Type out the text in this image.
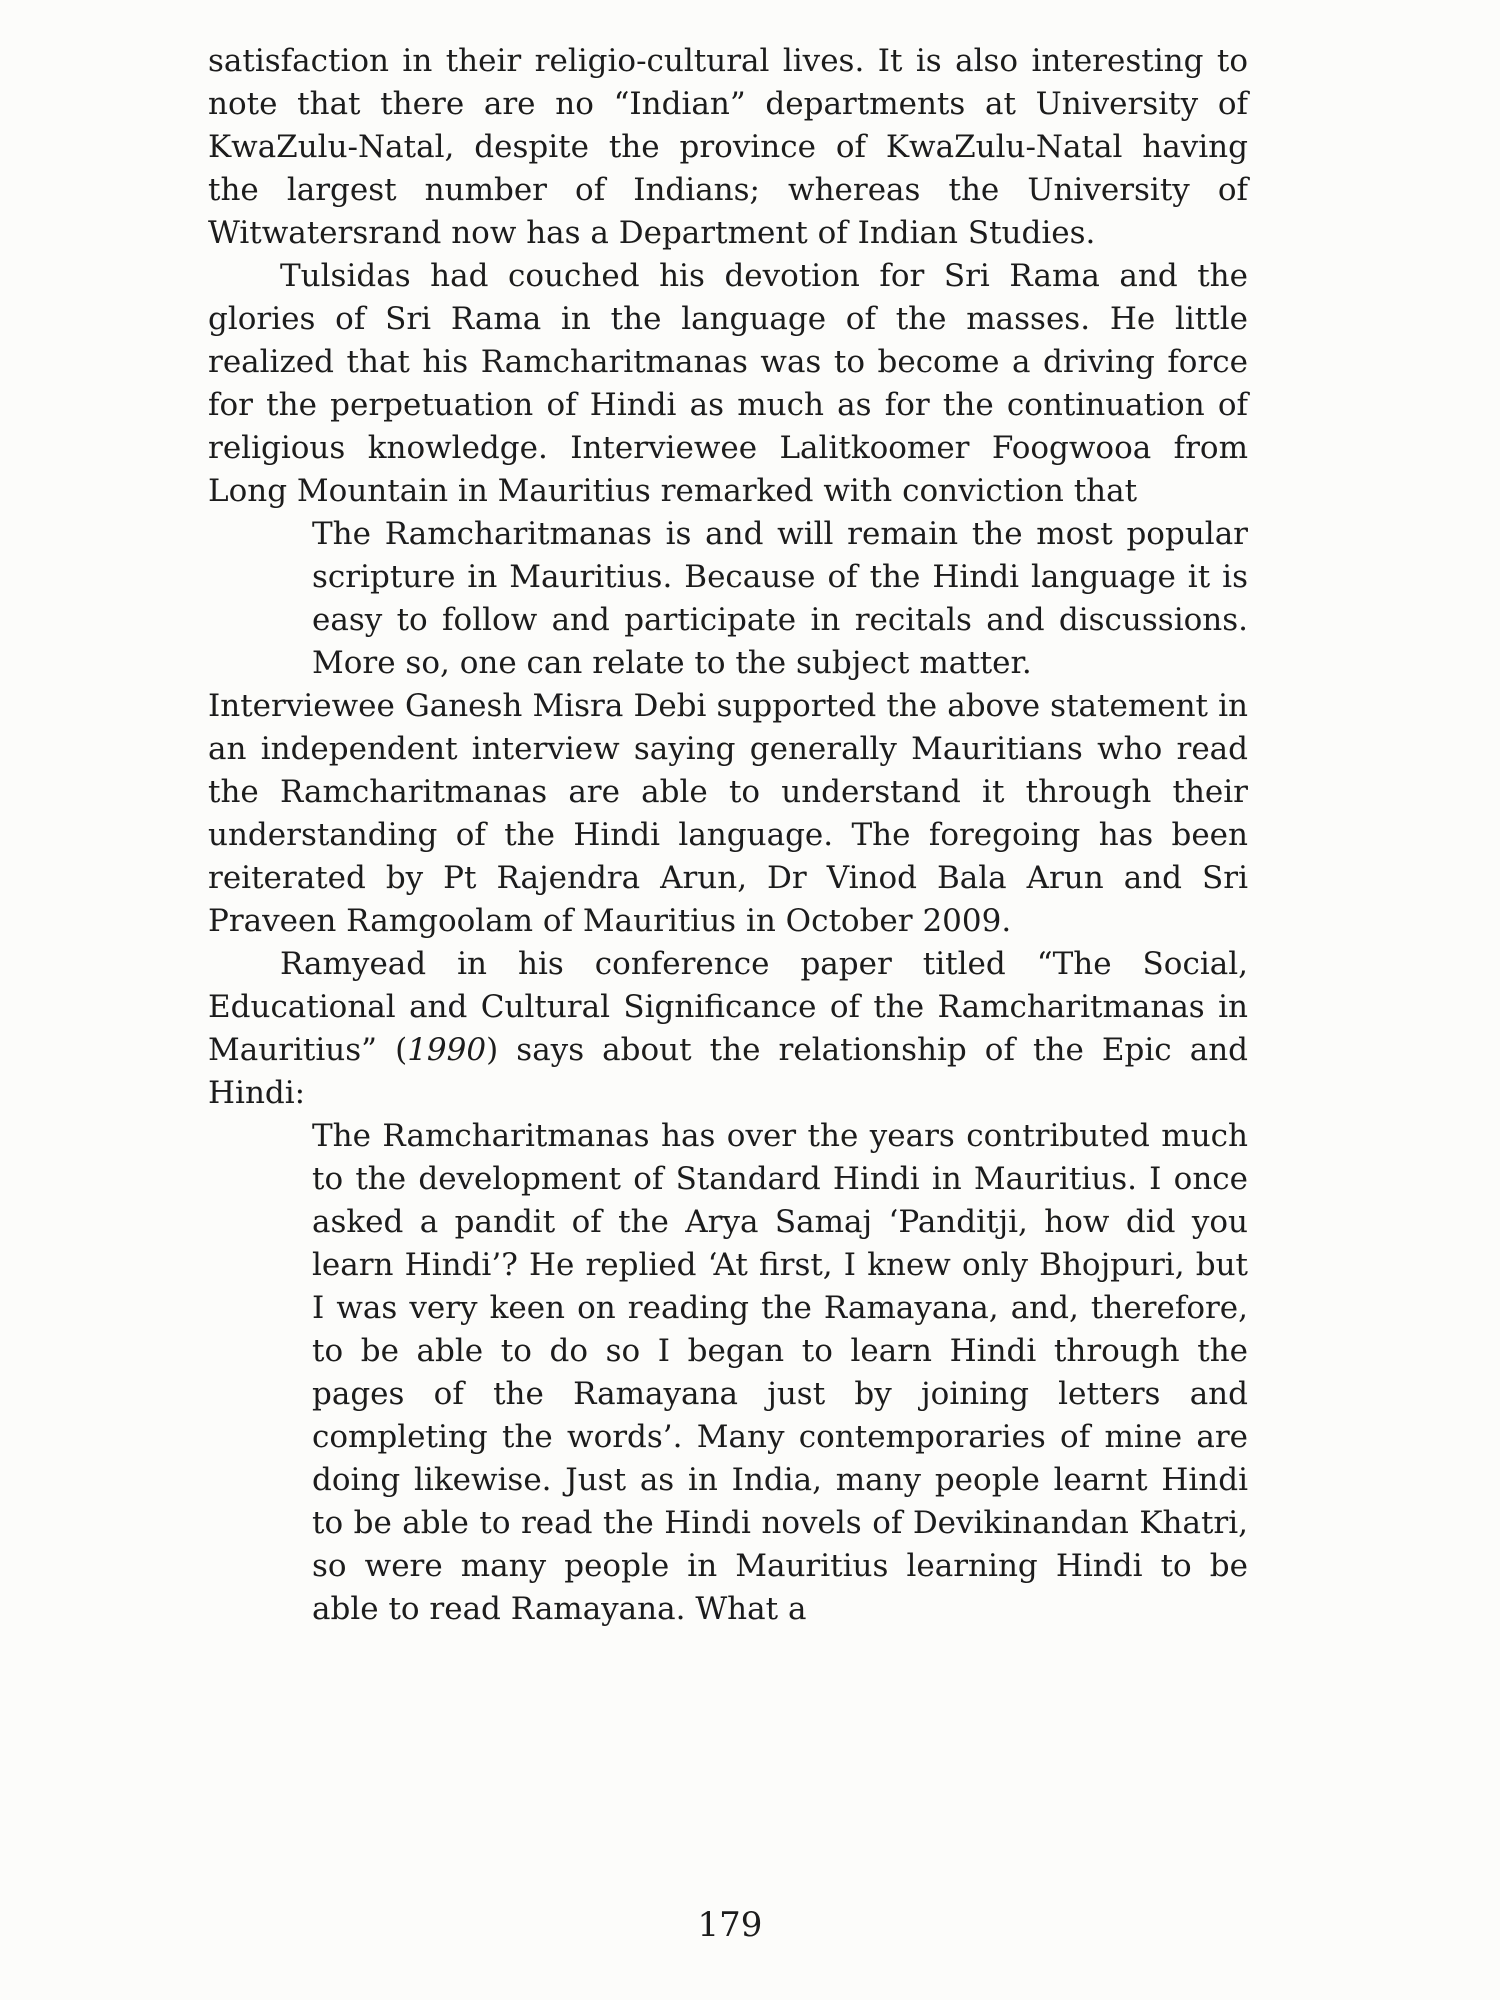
satisfaction in their religio-cultural lives. It is also interesting to note that there are no “Indian” departments at University of KwaZulu-Natal, despite the province of KwaZulu-Natal having the largest number of Indians; whereas the University of Witwatersrand now has a Department of Indian Studies.

Tulsidas had couched his devotion for Sri Rama and the glories of Sri Rama in the language of the masses. He little realized that his Ramcharitmanas was to become a driving force for the perpetuation of Hindi as much as for the continuation of religious knowledge. Interviewee Lalitkoomer Foogwooa from Long Mountain in Mauritius remarked with conviction that

The Ramcharitmanas is and will remain the most popular scripture in Mauritius. Because of the Hindi language it is easy to follow and participate in recitals and discussions. More so, one can relate to the subject matter.

Interviewee Ganesh Misra Debi supported the above statement in an independent interview saying generally Mauritians who read the Ramcharitmanas are able to understand it through their understanding of the Hindi language. The foregoing has been reiterated by Pt Rajendra Arun, Dr Vinod Bala Arun and Sri Praveen Ramgoolam of Mauritius in October 2009.

Ramyead in his conference paper titled “The Social, Educational and Cultural Significance of the Ramcharitmanas in Mauritius” (1990) says about the relationship of the Epic and Hindi:

The Ramcharitmanas has over the years contributed much to the development of Standard Hindi in Mauritius. I once asked a pandit of the Arya Samaj ‘Panditji, how did you learn Hindi’? He replied ‘At first, I knew only Bhojpuri, but I was very keen on reading the Ramayana, and, therefore, to be able to do so I began to learn Hindi through the pages of the Ramayana just by joining letters and completing the words’. Many contemporaries of mine are doing likewise. Just as in India, many people learnt Hindi to be able to read the Hindi novels of Devikinandan Khatri, so were many people in Mauritius learning Hindi to be able to read Ramayana. What a

179
